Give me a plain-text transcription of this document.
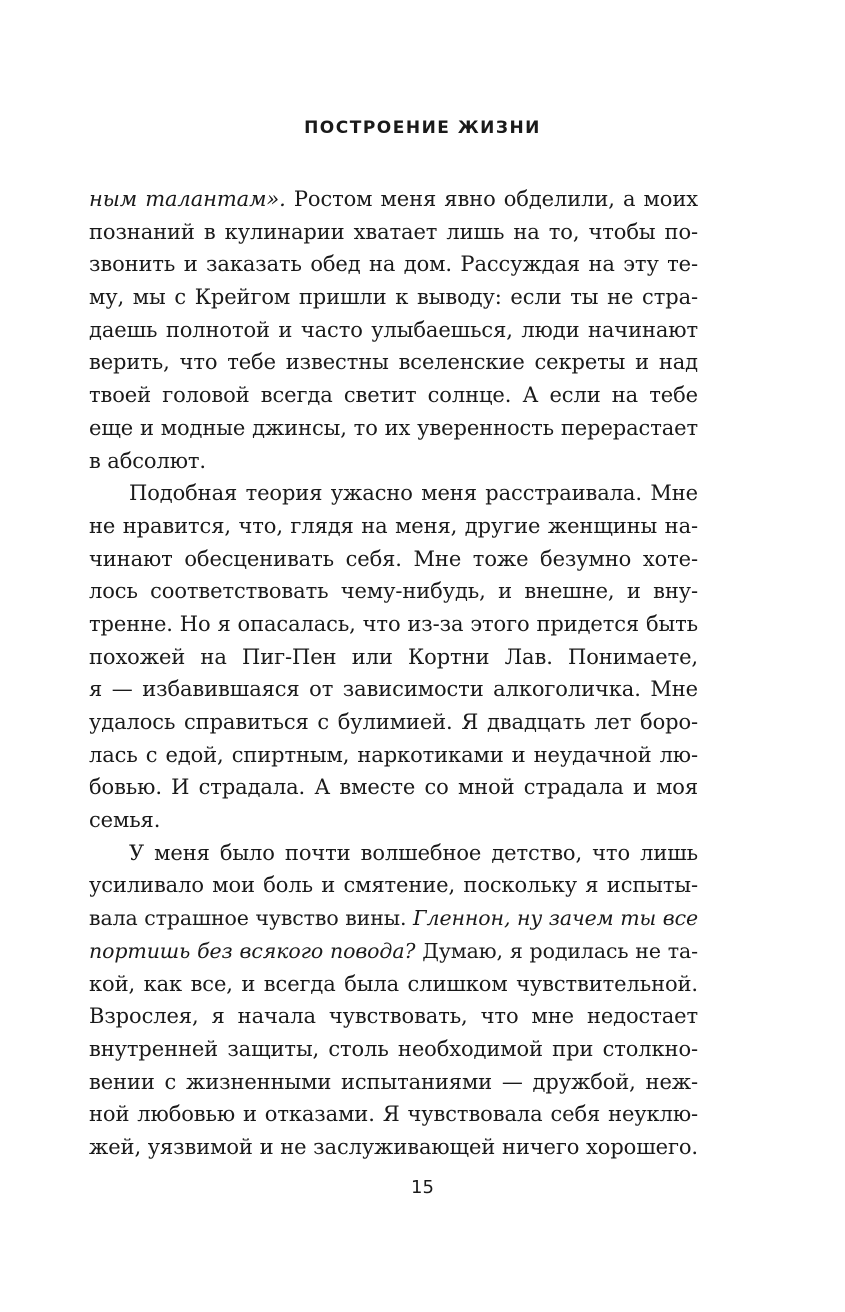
ПОСТРОЕНИЕ ЖИЗНИ
ным талантам». Ростом меня явно обделили, а моих
познаний в кулинарии хватает лишь на то, чтобы по-
звонить и заказать обед на дом. Рассуждая на эту те-
му, мы с Крейгом пришли к выводу: если ты не стра-
даешь полнотой и часто улыбаешься, люди начинают
верить, что тебе известны вселенские секреты и над
твоей головой всегда светит солнце. А если на тебе
еще и модные джинсы, то их уверенность перерастает
в абсолют.
Подобная теория ужасно меня расстраивала. Мне
не нравится, что, глядя на меня, другие женщины на-
чинают обесценивать себя. Мне тоже безумно хоте-
лось соответствовать чему-нибудь, и внешне, и вну-
тренне. Но я опасалась, что из-за этого придется быть
похожей на Пиг-Пен или Кортни Лав. Понимаете,
я — избавившаяся от зависимости алкоголичка. Мне
удалось справиться с булимией. Я двадцать лет боро-
лась с едой, спиртным, наркотиками и неудачной лю-
бовью. И страдала. А вместе со мной страдала и моя
семья.
У меня было почти волшебное детство, что лишь
усиливало мои боль и смятение, поскольку я испыты-
вала страшное чувство вины. Гленнон, ну зачем ты все
портишь без всякого повода? Думаю, я родилась не та-
кой, как все, и всегда была слишком чувствительной.
Взрослея, я начала чувствовать, что мне недостает
внутренней защиты, столь необходимой при столкно-
вении с жизненными испытаниями — дружбой, неж-
ной любовью и отказами. Я чувствовала себя неуклю-
жей, уязвимой и не заслуживающей ничего хорошего.
15
